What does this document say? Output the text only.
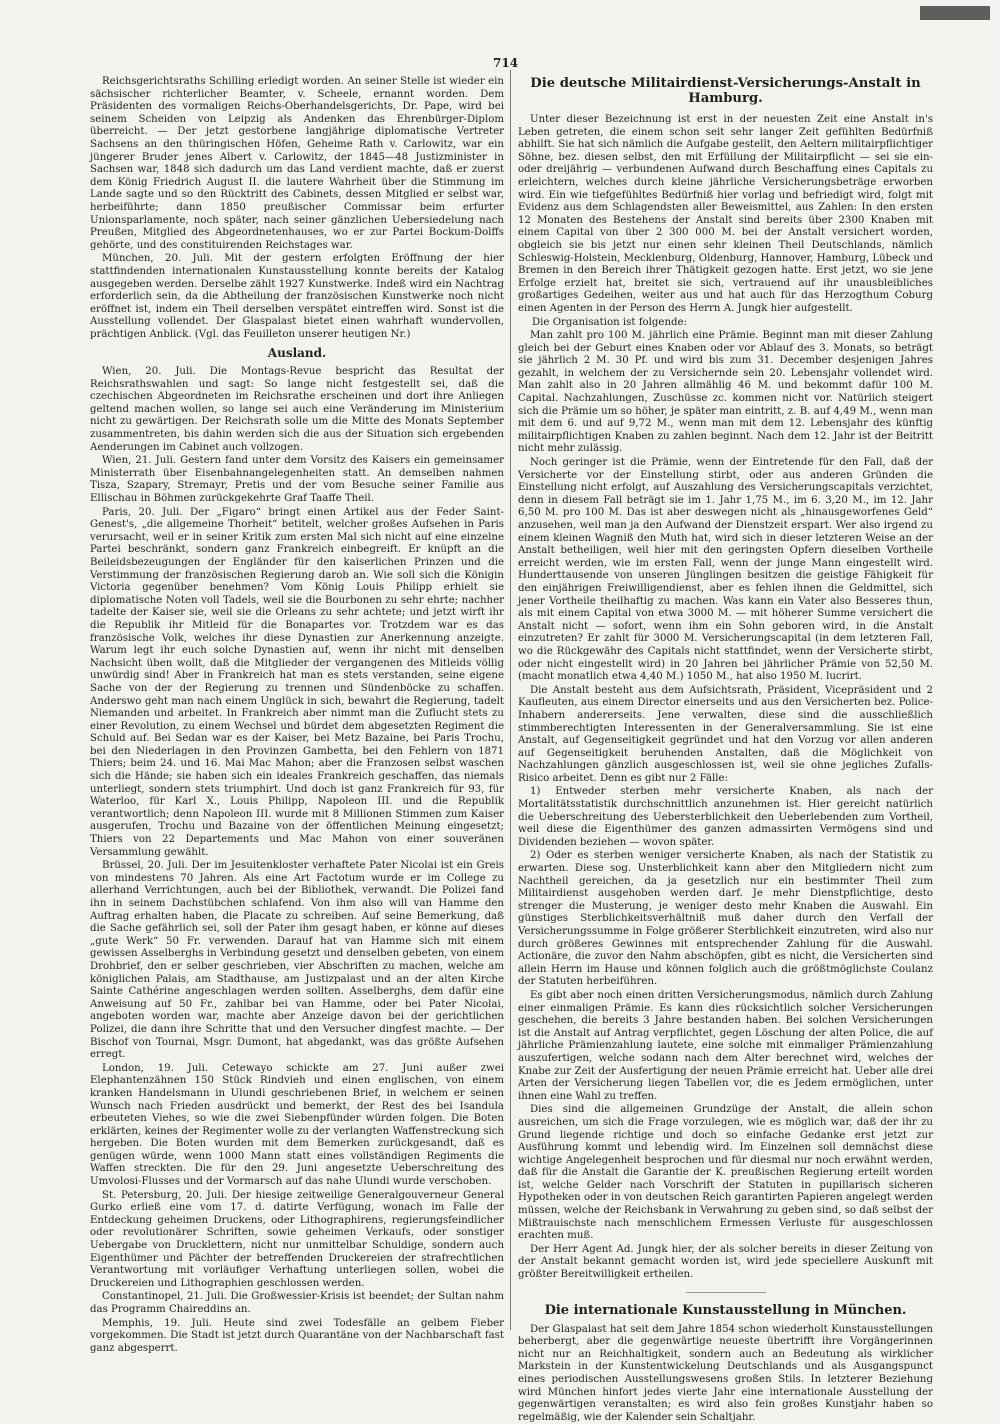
714

Reichsgerichtsraths Schilling erledigt worden. An seiner Stelle ist wieder ein sächsischer richterlicher Beamter, v. Scheele, ernannt worden. Dem Präsidenten des vormaligen Reichs-Oberhandelsgerichts, Dr. Pape, wird bei seinem Scheiden von Leipzig als Andenken das Ehrenbürger-Diplom überreicht. — Der jetzt gestorbene langjährige diplomatische Vertreter Sachsens an den thüringischen Höfen, Geheime Rath v. Carlowitz, war ein jüngerer Bruder jenes Albert v. Carlowitz, der 1845—48 Justizminister in Sachsen war, 1848 sich dadurch um das Land verdient machte, daß er zuerst dem König Friedrich August II. die lautere Wahrheit über die Stimmung im Lande sagte und so den Rücktritt des Cabinets, dessen Mitglied er selbst war, herbeiführte; dann 1850 preußischer Commissar beim erfurter Unionsparlamente, noch später, nach seiner gänzlichen Uebersiedelung nach Preußen, Mitglied des Abgeordnetenhauses, wo er zur Partei Bockum-Dolffs gehörte, und des constituirenden Reichstages war.

München, 20. Juli. Mit der gestern erfolgten Eröffnung der hier stattfindenden internationalen Kunstausstellung konnte bereits der Katalog ausgegeben werden. Derselbe zählt 1927 Kunstwerke. Indeß wird ein Nachtrag erforderlich sein, da die Abtheilung der französischen Kunstwerke noch nicht eröffnet ist, indem ein Theil derselben verspätet eintreffen wird. Sonst ist die Ausstellung vollendet. Der Glaspalast bietet einen wahrhaft wundervollen, prächtigen Anblick. (Vgl. das Feuilleton unserer heutigen Nr.)

Ausland.

Wien, 20. Juli. Die Montags-Revue bespricht das Resultat der Reichsrathswahlen und sagt: So lange nicht festgestellt sei, daß die czechischen Abgeordneten im Reichsrathe erscheinen und dort ihre Anliegen geltend machen wollen, so lange sei auch eine Veränderung im Ministerium nicht zu gewärtigen. Der Reichsrath solle um die Mitte des Monats September zusammentreten, bis dahin werden sich die aus der Situation sich ergebenden Aenderungen im Cabinet auch vollzogen.

Wien, 21. Juli. Gestern fand unter dem Vorsitz des Kaisers ein gemeinsamer Ministerrath über Eisenbahnangelegenheiten statt. An demselben nahmen Tisza, Szapary, Stremayr, Pretis und der vom Besuche seiner Familie aus Ellischau in Böhmen zurückgekehrte Graf Taaffe Theil.

Paris, 20. Juli. Der „Figaro“ bringt einen Artikel aus der Feder Saint-Genest's, „die allgemeine Thorheit“ betitelt, welcher großes Aufsehen in Paris verursacht, weil er in seiner Kritik zum ersten Mal sich nicht auf eine einzelne Partei beschränkt, sondern ganz Frankreich einbegreift. Er knüpft an die Beileidsbezeugungen der Engländer für den kaiserlichen Prinzen und die Verstimmung der französischen Regierung darob an. Wie soll sich die Königin Victoria gegenüber benehmen? Vom König Louis Philipp erhielt sie diplomatische Noten voll Tadels, weil sie die Bourbonen zu sehr ehrte; nachher tadelte der Kaiser sie, weil sie die Orleans zu sehr achtete; und jetzt wirft ihr die Republik ihr Mitleid für die Bonapartes vor. Trotzdem war es das französische Volk, welches ihr diese Dynastien zur Anerkennung anzeigte. Warum legt ihr euch solche Dynastien auf, wenn ihr nicht mit denselben Nachsicht üben wollt, daß die Mitglieder der vergangenen des Mitleids völlig unwürdig sind! Aber in Frankreich hat man es stets verstanden, seine eigene Sache von der der Regierung zu trennen und Sündenböcke zu schaffen. Anderswo geht man nach einem Unglück in sich, bewahrt die Regierung, tadelt Niemanden und arbeitet. In Frankreich aber nimmt man die Zuflucht stets zu einer Revolution, zu einem Wechsel und bürdet dem abgesetzten Regiment die Schuld auf. Bei Sedan war es der Kaiser, bei Metz Bazaine, bei Paris Trochu, bei den Niederlagen in den Provinzen Gambetta, bei den Fehlern von 1871 Thiers; beim 24. und 16. Mai Mac Mahon; aber die Franzosen selbst waschen sich die Hände; sie haben sich ein ideales Frankreich geschaffen, das niemals unterliegt, sondern stets triumphirt. Und doch ist ganz Frankreich für 93, für Waterloo, für Karl X., Louis Philipp, Napoleon III. und die Republik verantwortlich; denn Napoleon III. wurde mit 8 Millionen Stimmen zum Kaiser ausgerufen, Trochu und Bazaine von der öffentlichen Meinung eingesetzt; Thiers von 22 Departements und Mac Mahon von einer souveränen Versammlung gewählt.

Brüssel, 20. Juli. Der im Jesuitenkloster verhaftete Pater Nicolai ist ein Greis von mindestens 70 Jahren. Als eine Art Factotum wurde er im College zu allerhand Verrichtungen, auch bei der Bibliothek, verwandt. Die Polizei fand ihn in seinem Dachstübchen schlafend. Von ihm also will van Hamme den Auftrag erhalten haben, die Placate zu schreiben. Auf seine Bemerkung, daß die Sache gefährlich sei, soll der Pater ihm gesagt haben, er könne auf dieses „gute Werk“ 50 Fr. verwenden. Darauf hat van Hamme sich mit einem gewissen Asselberghs in Verbindung gesetzt und denselben gebeten, von einem Drohbrief, den er selber geschrieben, vier Abschriften zu machen, welche am königlichen Palais, am Stadthause, am Justizpalast und an der alten Kirche Sainte Cathérine angeschlagen werden sollten. Asselberghs, dem dafür eine Anweisung auf 50 Fr., zahlbar bei van Hamme, oder bei Pater Nicolai, angeboten worden war, machte aber Anzeige davon bei der gerichtlichen Polizei, die dann ihre Schritte that und den Versucher dingfest machte. — Der Bischof von Tournai, Msgr. Dumont, hat abgedankt, was das größte Aufsehen erregt.

London, 19. Juli. Cetewayo schickte am 27. Juni außer zwei Elephantenzähnen 150 Stück Rindvieh und einen englischen, von einem kranken Handelsmann in Ulundi geschriebenen Brief, in welchem er seinen Wunsch nach Frieden ausdrückt und bemerkt, der Rest des bei Isandula erbeuteten Viehes, so wie die zwei Siebenpfünder würden folgen. Die Boten erklärten, keines der Regimenter wolle zu der verlangten Waffenstreckung sich hergeben. Die Boten wurden mit dem Bemerken zurückgesandt, daß es genügen würde, wenn 1000 Mann statt eines vollständigen Regiments die Waffen streckten. Die für den 29. Juni angesetzte Ueberschreitung des Umvolosi-Flusses und der Vormarsch auf das nahe Ulundi wurde verschoben.

St. Petersburg, 20. Juli. Der hiesige zeitweilige Generalgouverneur General Gurko erließ eine vom 17. d. datirte Verfügung, wonach im Falle der Entdeckung geheimen Druckens, oder Lithographirens, regierungsfeindlicher oder revolutionärer Schriften, sowie geheimen Verkaufs, oder sonstiger Uebergabe von Drucklettern, nicht nur unmittelbar Schuldige, sondern auch Eigenthümer und Pächter der betreffenden Druckereien der strafrechtlichen Verantwortung mit vorläufiger Verhaftung unterliegen sollen, wobei die Druckereien und Lithographien geschlossen werden.

Constantinopel, 21. Juli. Die Großwessier-Krisis ist beendet; der Sultan nahm das Programm Chaireddins an.

Memphis, 19. Juli. Heute sind zwei Todesfälle an gelbem Fieber vorgekommen. Die Stadt ist jetzt durch Quarantäne von der Nachbarschaft fast ganz abgesperrt.

Die deutsche Militairdienst-Versicherungs-Anstalt in Hamburg.

Unter dieser Bezeichnung ist erst in der neuesten Zeit eine Anstalt in's Leben getreten, die einem schon seit sehr langer Zeit gefühlten Bedürfniß abhilft. Sie hat sich nämlich die Aufgabe gestellt, den Aeltern militairpflichtiger Söhne, bez. diesen selbst, den mit Erfüllung der Militairpflicht — sei sie ein- oder dreijährig — verbundenen Aufwand durch Beschaffung eines Capitals zu erleichtern, welches durch kleine jährliche Versicherungsbeträge erworben wird. Ein wie tiefgefühltes Bedürfniß hier vorlag und befriedigt wird, folgt mit Evidenz aus dem Schlagendsten aller Beweismittel, aus Zahlen: In den ersten 12 Monaten des Bestehens der Anstalt sind bereits über 2300 Knaben mit einem Capital von über 2 300 000 M. bei der Anstalt versichert worden, obgleich sie bis jetzt nur einen sehr kleinen Theil Deutschlands, nämlich Schleswig-Holstein, Mecklenburg, Oldenburg, Hannover, Hamburg, Lübeck und Bremen in den Bereich ihrer Thätigkeit gezogen hatte. Erst jetzt, wo sie jene Erfolge erzielt hat, breitet sie sich, vertrauend auf ihr unausbleibliches großartiges Gedeihen, weiter aus und hat auch für das Herzogthum Coburg einen Agenten in der Person des Herrn A. Jungk hier aufgestellt.

Die Organisation ist folgende:

Man zahlt pro 100 M. jährlich eine Prämie. Beginnt man mit dieser Zahlung gleich bei der Geburt eines Knaben oder vor Ablauf des 3. Monats, so beträgt sie jährlich 2 M. 30 Pf. und wird bis zum 31. December desjenigen Jahres gezahlt, in welchem der zu Versichernde sein 20. Lebensjahr vollendet wird. Man zahlt also in 20 Jahren allmählig 46 M. und bekommt dafür 100 M. Capital. Nachzahlungen, Zuschüsse zc. kommen nicht vor. Natürlich steigert sich die Prämie um so höher, je später man eintritt, z. B. auf 4,49 M., wenn man mit dem 6. und auf 9,72 M., wenn man mit dem 12. Lebensjahr des künftig militairpflichtigen Knaben zu zahlen beginnt. Nach dem 12. Jahr ist der Beitritt nicht mehr zulässig.

Noch geringer ist die Prämie, wenn der Eintretende für den Fall, daß der Versicherte vor der Einstellung stirbt, oder aus anderen Gründen die Einstellung nicht erfolgt, auf Auszahlung des Versicherungscapitals verzichtet, denn in diesem Fall beträgt sie im 1. Jahr 1,75 M., im 6. 3,20 M., im 12. Jahr 6,50 M. pro 100 M. Das ist aber deswegen nicht als „hinausgeworfenes Geld“ anzusehen, weil man ja den Aufwand der Dienstzeit erspart. Wer also irgend zu einem kleinen Wagniß den Muth hat, wird sich in dieser letzteren Weise an der Anstalt betheiligen, weil hier mit den geringsten Opfern dieselben Vortheile erreicht werden, wie im ersten Fall, wenn der junge Mann eingestellt wird. Hunderttausende von unseren Jünglingen besitzen die geistige Fähigkeit für den einjährigen Freiwilligendienst, aber es fehlen ihnen die Geldmittel, sich jener Vortheile theilhaftig zu machen. Was kann ein Vater also Besseres thun, als mit einem Capital von etwa 3000 M. — mit höherer Summe versichert die Anstalt nicht — sofort, wenn ihm ein Sohn geboren wird, in die Anstalt einzutreten? Er zahlt für 3000 M. Versicherungscapital (in dem letzteren Fall, wo die Rückgewähr des Capitals nicht stattfindet, wenn der Versicherte stirbt, oder nicht eingestellt wird) in 20 Jahren bei jährlicher Prämie von 52,50 M. (macht monatlich etwa 4,40 M.) 1050 M., hat also 1950 M. lucrirt.

Die Anstalt besteht aus dem Aufsichtsrath, Präsident, Vicepräsident und 2 Kaufleuten, aus einem Director einerseits und aus den Versicherten bez. Police-Inhabern andererseits. Jene verwalten, diese sind die ausschließlich stimmberechtigten Interessenten in der Generalversammlung. Sie ist eine Anstalt, auf Gegenseitigkeit gegründet und hat den Vorzug vor allen anderen auf Gegenseitigkeit beruhenden Anstalten, daß die Möglichkeit von Nachzahlungen gänzlich ausgeschlossen ist, weil sie ohne jegliches Zufalls-Risico arbeitet. Denn es gibt nur 2 Fälle:

1) Entweder sterben mehr versicherte Knaben, als nach der Mortalitätsstatistik durchschnittlich anzunehmen ist. Hier gereicht natürlich die Ueberschreitung des Uebersterblichkeit den Ueberlebenden zum Vortheil, weil diese die Eigenthümer des ganzen admassirten Vermögens sind und Dividenden beziehen — wovon später.

2) Oder es sterben weniger versicherte Knaben, als nach der Statistik zu erwarten. Diese sog. Unsterblichkeit kann aber den Mitgliedern nicht zum Nachtheil gereichen, da ja gesetzlich nur ein bestimmter Theil zum Militairdienst ausgehoben werden darf. Je mehr Dienstpflichtige, desto strenger die Musterung, je weniger desto mehr Knaben die Auswahl. Ein günstiges Sterblichkeitsverhältniß muß daher durch den Verfall der Versicherungssumme in Folge größerer Sterblichkeit einzutreten, wird also nur durch größeres Gewinnes mit entsprechender Zahlung für die Auswahl. Actionäre, die zuvor den Nahm abschöpfen, gibt es nicht, die Versicherten sind allein Herrn im Hause und können folglich auch die größtmöglichste Coulanz der Statuten herbeiführen.

Es gibt aber noch einen dritten Versicherungsmodus, nämlich durch Zahlung einer einmaligen Prämie. Es kann dies rücksichtlich solcher Versicherungen geschehen, die bereits 3 Jahre bestanden haben. Bei solchen Versicherungen ist die Anstalt auf Antrag verpflichtet, gegen Löschung der alten Police, die auf jährliche Prämienzahlung lautete, eine solche mit einmaliger Prämienzahlung auszufertigen, welche sodann nach dem Alter berechnet wird, welches der Knabe zur Zeit der Ausfertigung der neuen Prämie erreicht hat. Ueber alle drei Arten der Versicherung liegen Tabellen vor, die es Jedem ermöglichen, unter ihnen eine Wahl zu treffen.

Dies sind die allgemeinen Grundzüge der Anstalt, die allein schon ausreichen, um sich die Frage vorzulegen, wie es möglich war, daß der ihr zu Grund liegende richtige und doch so einfache Gedanke erst jetzt zur Ausführung kommt und lebendig wird. Im Einzelnen soll demnächst diese wichtige Angelegenheit besprochen und für diesmal nur noch erwähnt werden, daß für die Anstalt die Garantie der K. preußischen Regierung erteilt worden ist, welche Gelder nach Vorschrift der Statuten in pupillarisch sicheren Hypotheken oder in von deutschen Reich garantirten Papieren angelegt werden müssen, welche der Reichsbank in Verwahrung zu geben sind, so daß selbst der Mißtrauischste nach menschlichem Ermessen Verluste für ausgeschlossen erachten muß.

Der Herr Agent Ad. Jungk hier, der als solcher bereits in dieser Zeitung von der Anstalt bekannt gemacht worden ist, wird jede speciellere Auskunft mit größter Bereitwilligkeit ertheilen.

Die internationale Kunstausstellung in München.

Der Glaspalast hat seit dem Jahre 1854 schon wiederholt Kunstausstellungen beherbergt, aber die gegenwärtige neueste übertrifft ihre Vorgängerinnen nicht nur an Reichhaltigkeit, sondern auch an Bedeutung als wirklicher Markstein in der Kunstentwickelung Deutschlands und als Ausgangspunct eines periodischen Ausstellungswesens großen Stils. In letzterer Beziehung wird München hinfort jedes vierte Jahr eine internationale Ausstellung der gegenwärtigen veranstalten; es wird also fein großes Kunstjahr haben so regelmäßig, wie der Kalender sein Schaltjahr.
